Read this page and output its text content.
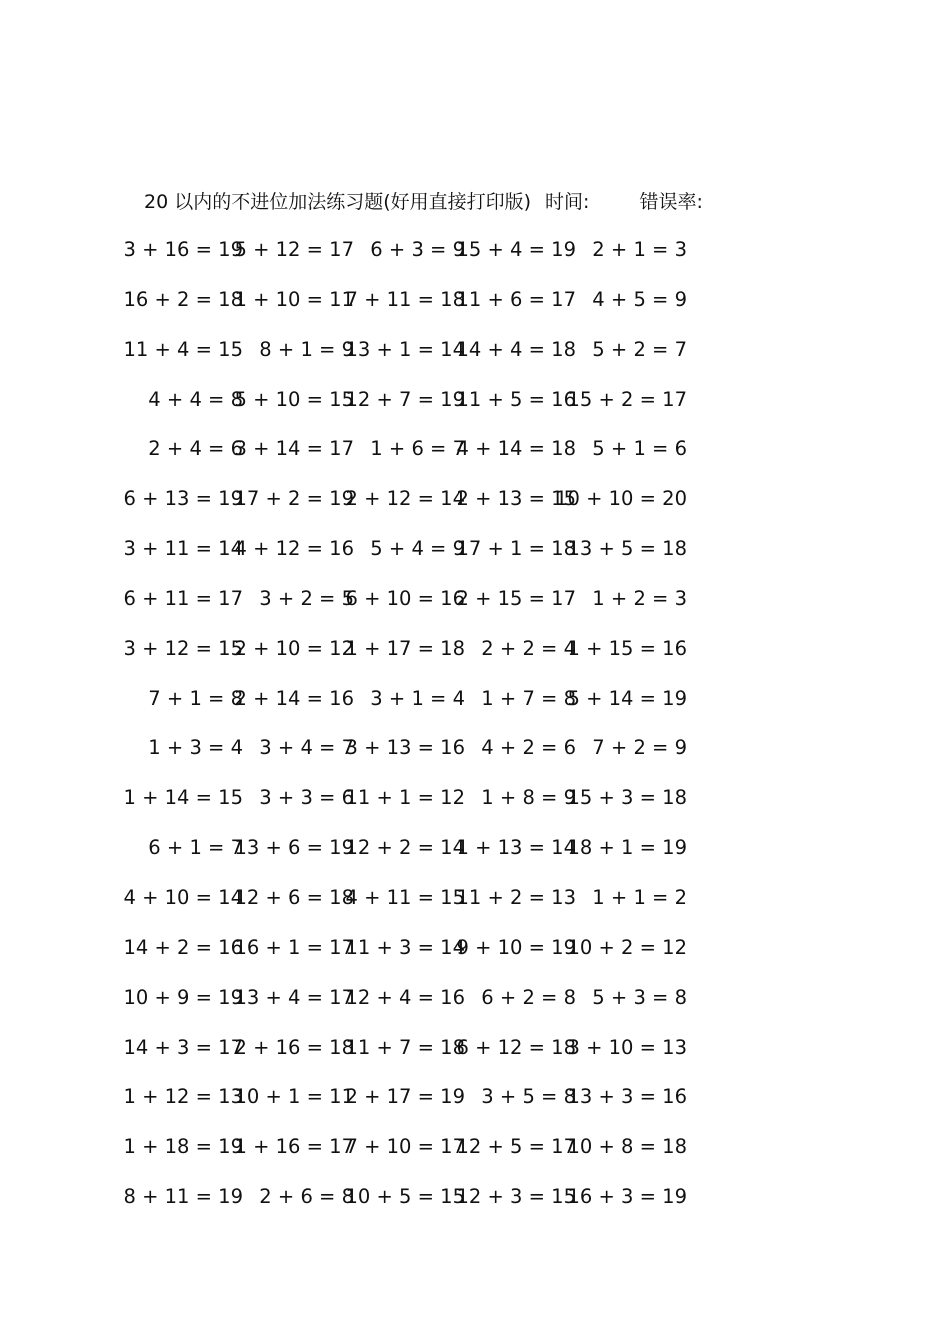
20 以内的不进位加法练习题(好用直接打印版) 时间:	错误率:
3 + 16 = 19
5 + 12 = 17 6 + 3 = 9
15 + 4 = 19 2 + 1 = 3
16 + 2 = 18
1 + 10 = 11
7 + 11 = 18
11 + 6 = 17 4 + 5 = 9
11 + 4 = 15 8 + 1 = 9
13 + 1 = 14
14 + 4 = 18 5 + 2 = 7
4 + 4 = 8
5 + 10 = 15
12 + 7 = 19
11 + 5 = 16
15 + 2 = 17
2 + 4 = 6
3 + 14 = 17 1 + 6 = 7
4 + 14 = 18 5 + 1 = 6
6 + 13 = 19
17 + 2 = 19
2 + 12 = 14
2 + 13 = 15
10 + 10 = 20
3 + 11 = 14
4 + 12 = 16 5 + 4 = 9
17 + 1 = 18
13 + 5 = 18
6 + 11 = 17 3 + 2 = 5
6 + 10 = 16
2 + 15 = 17 1 + 2 = 3
3 + 12 = 15
2 + 10 = 12
1 + 17 = 18 2 + 2 = 4
1 + 15 = 16
7 + 1 = 8
2 + 14 = 16 3 + 1 = 4 1 + 7 = 8
5 + 14 = 19
1 + 3 = 4 3 + 4 = 7
3 + 13 = 16 4 + 2 = 6 7 + 2 = 9
1 + 14 = 15 3 + 3 = 6
11 + 1 = 12 1 + 8 = 9
15 + 3 = 18
6 + 1 = 7
13 + 6 = 19
12 + 2 = 14
1 + 13 = 14
18 + 1 = 19
4 + 10 = 14
12 + 6 = 18
4 + 11 = 15
11 + 2 = 13 1 + 1 = 2
14 + 2 = 16
16 + 1 = 17
11 + 3 = 14
9 + 10 = 19
10 + 2 = 12
10 + 9 = 19
13 + 4 = 17
12 + 4 = 16 6 + 2 = 8 5 + 3 = 8
14 + 3 = 17
2 + 16 = 18
11 + 7 = 18
6 + 12 = 18
3 + 10 = 13
1 + 12 = 13
10 + 1 = 11
2 + 17 = 19 3 + 5 = 8
13 + 3 = 16
1 + 18 = 19
1 + 16 = 17
7 + 10 = 17
12 + 5 = 17
10 + 8 = 18
8 + 11 = 19 2 + 6 = 8
10 + 5 = 15
12 + 3 = 15
16 + 3 = 19
